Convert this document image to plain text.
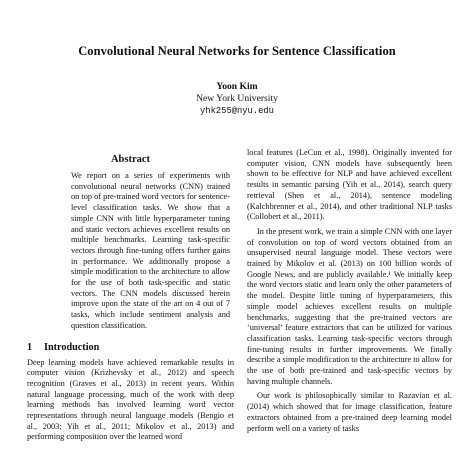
Convolutional Neural Networks for Sentence Classification
Yoon Kim
New York University
yhk255@nyu.edu
Abstract

We report on a series of experiments with convolutional neural networks (CNN) trained on top of pre-trained word vectors for sentence-level classification tasks. We show that a simple CNN with little hyperparameter tuning and static vectors achieves excellent results on multiple benchmarks. Learning task-specific vectors through fine-tuning offers further gains in performance. We additionally propose a simple modification to the architecture to allow for the use of both task-specific and static vectors. The CNN models discussed herein improve upon the state of the art on 4 out of 7 tasks, which include sentiment analysis and question classification.

1 Introduction

Deep learning models have achieved remarkable results in computer vision (Krizhevsky et al., 2012) and speech recognition (Graves et al., 2013) in recent years. Within natural language processing, much of the work with deep learning methods has involved learning word vector representations through neural language models (Bengio et al., 2003; Yih et al., 2011; Mikolov et al., 2013) and performing composition over the learned word

local features (LeCun et al., 1998). Originally invented for computer vision, CNN models have subsequently been shown to be effective for NLP and have achieved excellent results in semantic parsing (Yih et al., 2014), search query retrieval (Shen et al., 2014), sentence modeling (Kalchbrenner et al., 2014), and other traditional NLP tasks (Collobert et al., 2011).

In the present work, we train a simple CNN with one layer of convolution on top of word vectors obtained from an unsupervised neural language model. These vectors were trained by Mikolov et al. (2013) on 100 billion words of Google News, and are publicly available.¹ We initially keep the word vectors static and learn only the other parameters of the model. Despite little tuning of hyperparameters, this simple model achieves excellent results on multiple benchmarks, suggesting that the pre-trained vectors are ‘universal’ feature extractors that can be utilized for various classification tasks. Learning task-specific vectors through fine-tuning results in further improvements. We finally describe a simple modification to the architecture to allow for the use of both pre-trained and task-specific vectors by having multiple channels.

Our work is philosophically similar to Razavian et al. (2014) which showed that for image classification, feature extractors obtained from a pre-trained deep learning model perform well on a variety of tasks
